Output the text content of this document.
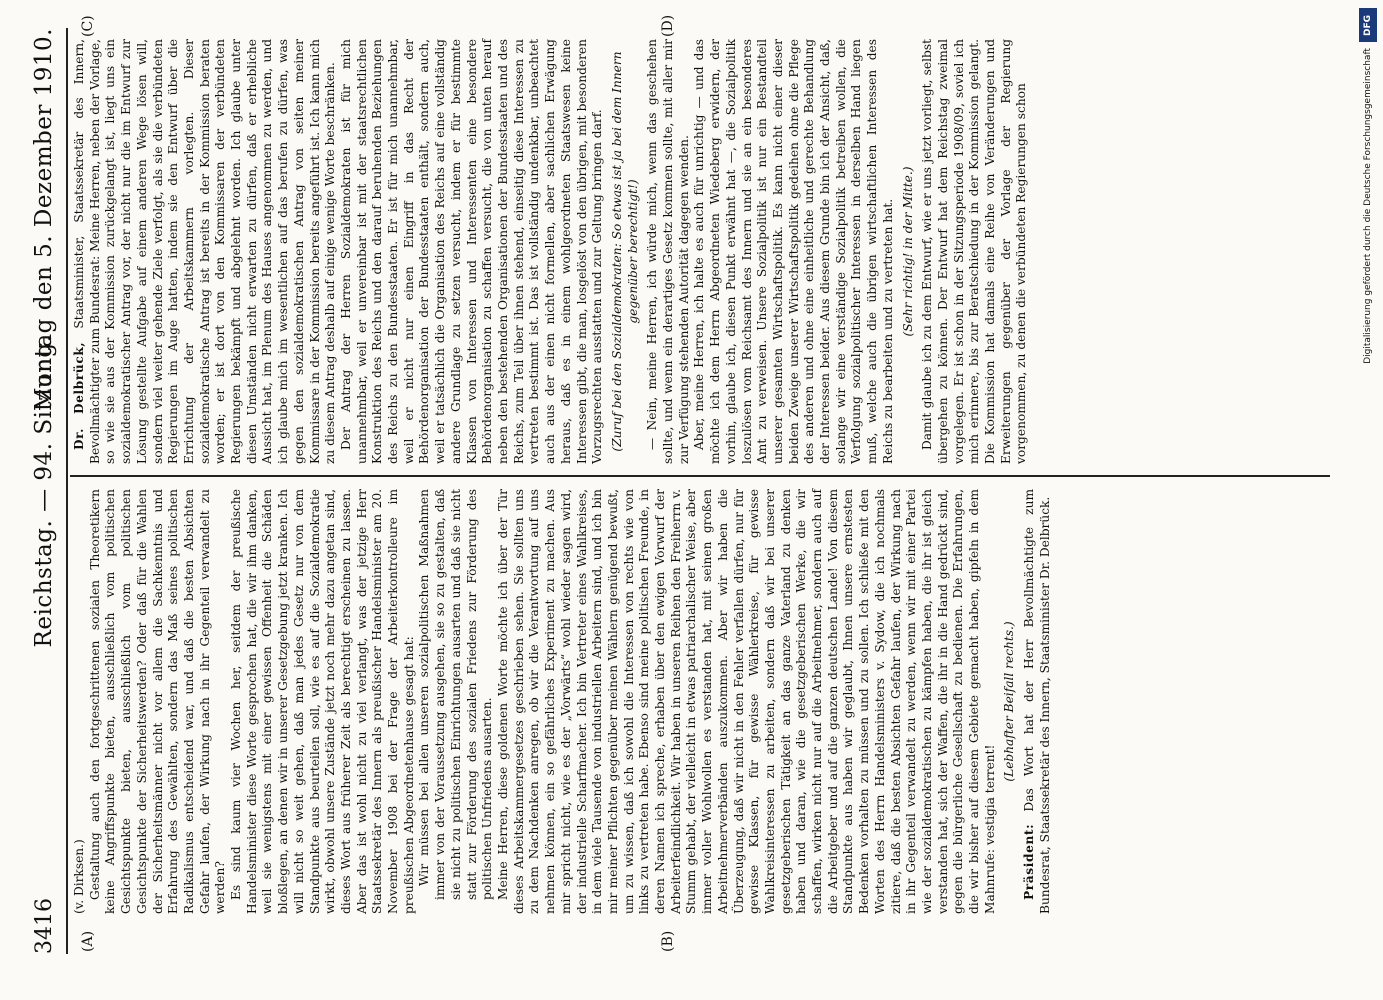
3416
Reichstag. — 94. Sitzung.
Montag den 5. Dezember 1910.
(A)	(B)
(C)	(D)

(v. Dirksen.) Gestaltung auch den fortgeschrittenen sozialen Theoretikern keine Angriffspunkte bieten, ausschließlich vom politischen Gesichtspunkte bieten, ausschließlich vom politischen Gesichtspunkte der Sicherheitswerden? Oder daß für die Wahlen der Sicherheitsmänner nicht vor allem die Sachkenntnis und Erfahrung des Gewählten, sondern das Maß seines politischen Radikalismus entscheidend war, und daß die besten Absichten Gefahr laufen, der Wirkung nach in ihr Gegenteil verwandelt zu werden? Es sind kaum vier Wochen her, seitdem der preußische Handelsminister diese Worte gesprochen hat, die wir ihm danken, weil sie wenigstens mit einer gewissen Offenheit die Schäden bloßlegen, an denen wir in unserer Gesetzgebung jetzt kranken. Ich will nicht so weit gehen, daß man jedes Gesetz nur von dem Standpunkte aus beurteilen soll, wie es auf die Sozialdemokratie wirkt, obwohl unsere Zustände jetzt noch mehr dazu angetan sind, dieses Wort aus früherer Zeit als berechtigt erscheinen zu lassen. Aber das ist wohl nicht zu viel verlangt, was der jetzige Herr Staatssekretär des Innern als preußischer Handelsminister am 20. November 1908 bei der Frage der Arbeiterkontrolleure im preußischen Abgeordnetenhause gesagt hat: Wir müssen bei allen unseren sozialpolitischen Maßnahmen immer von der Voraussetzung ausgehen, sie so zu gestalten, daß sie nicht zu politischen Einrichtungen ausarten und daß sie nicht statt zur Förderung des sozialen Friedens zur Förderung des politischen Unfriedens ausarten. Meine Herren, diese goldenen Worte möchte ich über der Tür dieses Arbeitskammergesetzes geschrieben sehen. Sie sollten uns zu dem Nachdenken anregen, ob wir die Verantwortung auf uns nehmen können, ein so gefährliches Experiment zu machen. Aus mir spricht nicht, wie es der „Vorwärts“ wohl wieder sagen wird, der industrielle Scharfmacher. Ich bin Vertreter eines Wahlkreises, in dem viele Tausende von industriellen Arbeitern sind, und ich bin mir meiner Pflichten gegenüber meinen Wählern genügend bewußt, um zu wissen, daß ich sowohl die Interessen von rechts wie von links zu vertreten habe. Ebenso sind meine politischen Freunde, in deren Namen ich spreche, erhaben über den ewigen Vorwurf der Arbeiterfeindlichkeit. Wir haben in unseren Reihen den Freiherrn v. Stumm gehabt, der vielleicht in etwas patriarchalischer Weise, aber immer voller Wohlwollen es verstanden hat, mit seinen großen Arbeitnehmerverbänden auszukommen. Aber wir haben die Überzeugung, daß wir nicht in den Fehler verfallen dürfen, nur für gewisse Klassen, für gewisse Wählerkreise, für gewisse Wahlkreisinteressen zu arbeiten, sondern daß wir bei unserer gesetzgeberischen Tätigkeit an das ganze Vaterland zu denken haben und daran, wie die gesetzgeberischen Werke, die wir schaffen, wirken nicht nur auf die Arbeitnehmer, sondern auch auf die Arbeitgeber und auf die ganzen deutschen Lande! Von diesem Standpunkte aus haben wir geglaubt, Ihnen unsere ernstesten Bedenken vorhalten zu müssen und zu sollen. Ich schließe mit den Worten des Herrn Handelsministers v. Sydow, die ich nochmals zitiere, daß die besten Absichten Gefahr laufen, der Wirkung nach in ihr Gegenteil verwandelt zu werden, wenn wir mit einer Partei wie der sozialdemokratischen zu kämpfen haben, die ihr ist gleich verstanden hat, sich der Waffen, die ihr in die Hand gedrückt sind, gegen die bürgerliche Gesellschaft zu bedienen. Die Erfahrungen, die wir bisher auf diesem Gebiete gemacht haben, gipfeln in dem Mahnrufe: vestigia terrent!

(Lebhafter Beifall rechts.)

Präsident: Das Wort hat der Herr Bevollmächtigte zum Bundesrat, Staatssekretär des Innern, Staatsminister Dr. Delbrück.

Dr. Delbrück, Staatsminister, Staatssekretär des Innern, Bevollmächtigter zum Bundesrat: Meine Herren, neben der Vorlage, so wie sie aus der Kommission zurückgelangt ist, liegt uns ein sozialdemokratischer Antrag vor, der nicht nur die im Entwurf zur Lösung gestellte Aufgabe auf einem anderen Wege lösen will, sondern viel weiter gehende Ziele verfolgt, als sie die verbündeten Regierungen im Auge hatten, indem sie den Entwurf über die Errichtung der Arbeitskammern vorlegten. Dieser sozialdemokratische Antrag ist bereits in der Kommission beraten worden; er ist dort von den Kommissaren der verbündeten Regierungen bekämpft und abgelehnt worden. Ich glaube unter diesen Umständen nicht erwarten zu dürfen, daß er erhebliche Aussicht hat, im Plenum des Hauses angenommen zu werden, und ich glaube mich im wesentlichen auf das berufen zu dürfen, was gegen den sozialdemokratischen Antrag von seiten meiner Kommissare in der Kommission bereits angeführt ist. Ich kann mich zu diesem Antrag deshalb auf einige wenige Worte beschränken. Der Antrag der Herren Sozialdemokraten ist für mich unannehmbar, weil er unvereinbar ist mit der staatsrechtlichen Konstruktion des Reichs und den darauf beruhenden Beziehungen des Reichs zu den Bundesstaaten. Er ist für mich unannehmbar, weil er nicht nur einen Eingriff in das Recht der Behördenorganisation der Bundesstaaten enthält, sondern auch, weil er tatsächlich die Organisation des Reichs auf eine vollständig andere Grundlage zu setzen versucht, indem er für bestimmte Klassen von Interessen und Interessenten eine besondere Behördenorganisation zu schaffen versucht, die von unten herauf neben den bestehenden Organisationen der Bundesstaaten und des Reichs, zum Teil über ihnen stehend, einseitig diese Interessen zu vertreten bestimmt ist. Das ist vollständig undenkbar, unbeachtet auch aus der einen nicht formellen, aber sachlichen Erwägung heraus, daß es in einem wohlgeordneten Staatswesen keine Interessen gibt, die man, losgelöst von den übrigen, mit besonderen Vorzugsrechten ausstatten und zur Geltung bringen darf. (Zuruf bei den Sozialdemokraten: So etwas ist ja bei dem Innern gegenüber berechtigt!) — Nein, meine Herren, ich würde mich, wenn das geschehen sollte, und wenn ein derartiges Gesetz kommen sollte, mit aller mir zur Verfügung stehenden Autorität dagegen wenden. Aber, meine Herren, ich halte es auch für unrichtig — und das möchte ich dem Herrn Abgeordneten Wiedeberg erwidern, der vorhin, glaube ich, diesen Punkt erwähnt hat —, die Sozialpolitik loszulösen vom Reichsamt des Innern und sie an ein besonderes Amt zu verweisen. Unsere Sozialpolitik ist nur ein Bestandteil unserer gesamten Wirtschaftspolitik. Es kann nicht einer dieser beiden Zweige unserer Wirtschaftspolitik gedeihen ohne die Pflege des anderen und ohne eine einheitliche und gerechte Behandlung der Interessen beider. Aus diesem Grunde bin ich der Ansicht, daß, solange wir eine verständige Sozialpolitik betreiben wollen, die Verfolgung sozialpolitischer Interessen in derselben Hand liegen muß, welche auch die übrigen wirtschaftlichen Interessen des Reichs zu bearbeiten und zu vertreten hat. (Sehr richtig! in der Mitte.) Damit glaube ich zu dem Entwurf, wie er uns jetzt vorliegt, selbst übergehen zu können. Der Entwurf hat dem Reichstag zweimal vorgelegen. Er ist schon in der Sitzungsperiode 1908/09, soviel ich mich erinnere, bis zur Beratschiedung in der Kommission gelangt. Die Kommission hat damals eine Reihe von Veränderungen und Erweiterungen gegenüber der Vorlage der Regierung vorgenommen, zu denen die verbündeten Regierungen schon

DFG
Digitalisierung gefördert durch die Deutsche Forschungsgemeinschaft
